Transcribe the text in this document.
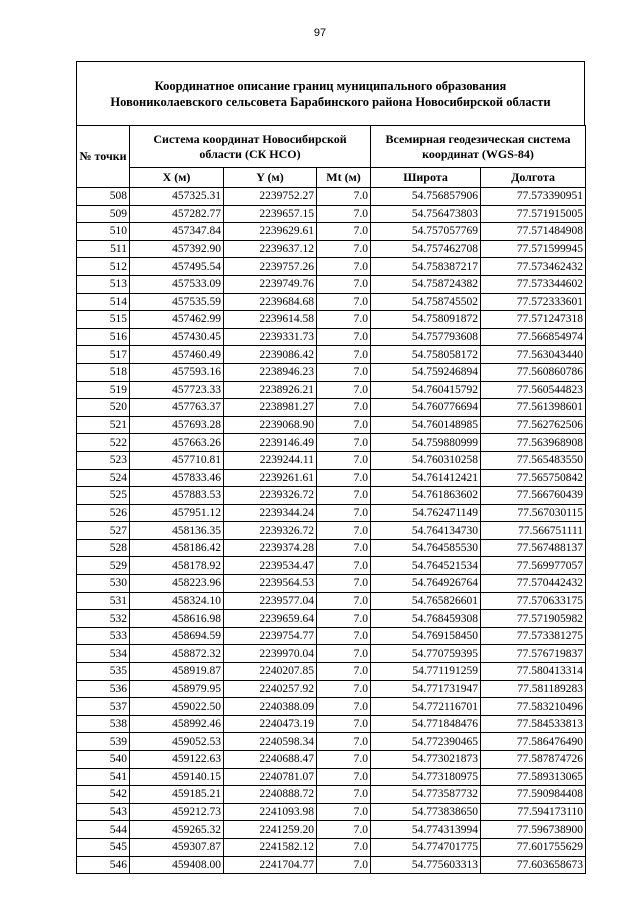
97
Координатное описание границ муниципального образования
Новониколаевского сельсовета Барабинского района Новосибирской области
№ точки	Система координат Новосибирской области (СК НСО)			Всемирная геодезическая система координат (WGS-84)	
	X (м)	Y (м)	Mt (м)	Широта	Долгота
508	457325.31	2239752.27	7.0	54.756857906	77.573390951
509	457282.77	2239657.15	7.0	54.756473803	77.571915005
510	457347.84	2239629.61	7.0	54.757057769	77.571484908
511	457392.90	2239637.12	7.0	54.757462708	77.571599945
512	457495.54	2239757.26	7.0	54.758387217	77.573462432
513	457533.09	2239749.76	7.0	54.758724382	77.573344602
514	457535.59	2239684.68	7.0	54.758745502	77.572333601
515	457462.99	2239614.58	7.0	54.758091872	77.571247318
516	457430.45	2239331.73	7.0	54.757793608	77.566854974
517	457460.49	2239086.42	7.0	54.758058172	77.563043440
518	457593.16	2238946.23	7.0	54.759246894	77.560860786
519	457723.33	2238926.21	7.0	54.760415792	77.560544823
520	457763.37	2238981.27	7.0	54.760776694	77.561398601
521	457693.28	2239068.90	7.0	54.760148985	77.562762506
522	457663.26	2239146.49	7.0	54.759880999	77.563968908
523	457710.81	2239244.11	7.0	54.760310258	77.565483550
524	457833.46	2239261.61	7.0	54.761412421	77.565750842
525	457883.53	2239326.72	7.0	54.761863602	77.566760439
526	457951.12	2239344.24	7.0	54.762471149	77.567030115
527	458136.35	2239326.72	7.0	54.764134730	77.566751111
528	458186.42	2239374.28	7.0	54.764585530	77.567488137
529	458178.92	2239534.47	7.0	54.764521534	77.569977057
530	458223.96	2239564.53	7.0	54.764926764	77.570442432
531	458324.10	2239577.04	7.0	54.765826601	77.570633175
532	458616.98	2239659.64	7.0	54.768459308	77.571905982
533	458694.59	2239754.77	7.0	54.769158450	77.573381275
534	458872.32	2239970.04	7.0	54.770759395	77.576719837
535	458919.87	2240207.85	7.0	54.771191259	77.580413314
536	458979.95	2240257.92	7.0	54.771731947	77.581189283
537	459022.50	2240388.09	7.0	54.772116701	77.583210496
538	458992.46	2240473.19	7.0	54.771848476	77.584533813
539	459052.53	2240598.34	7.0	54.772390465	77.586476490
540	459122.63	2240688.47	7.0	54.773021873	77.587874726
541	459140.15	2240781.07	7.0	54.773180975	77.589313065
542	459185.21	2240888.72	7.0	54.773587732	77.590984408
543	459212.73	2241093.98	7.0	54.773838650	77.594173110
544	459265.32	2241259.20	7.0	54.774313994	77.596738900
545	459307.87	2241582.12	7.0	54.774701775	77.601755629
546	459408.00	2241704.77	7.0	54.775603313	77.603658673
